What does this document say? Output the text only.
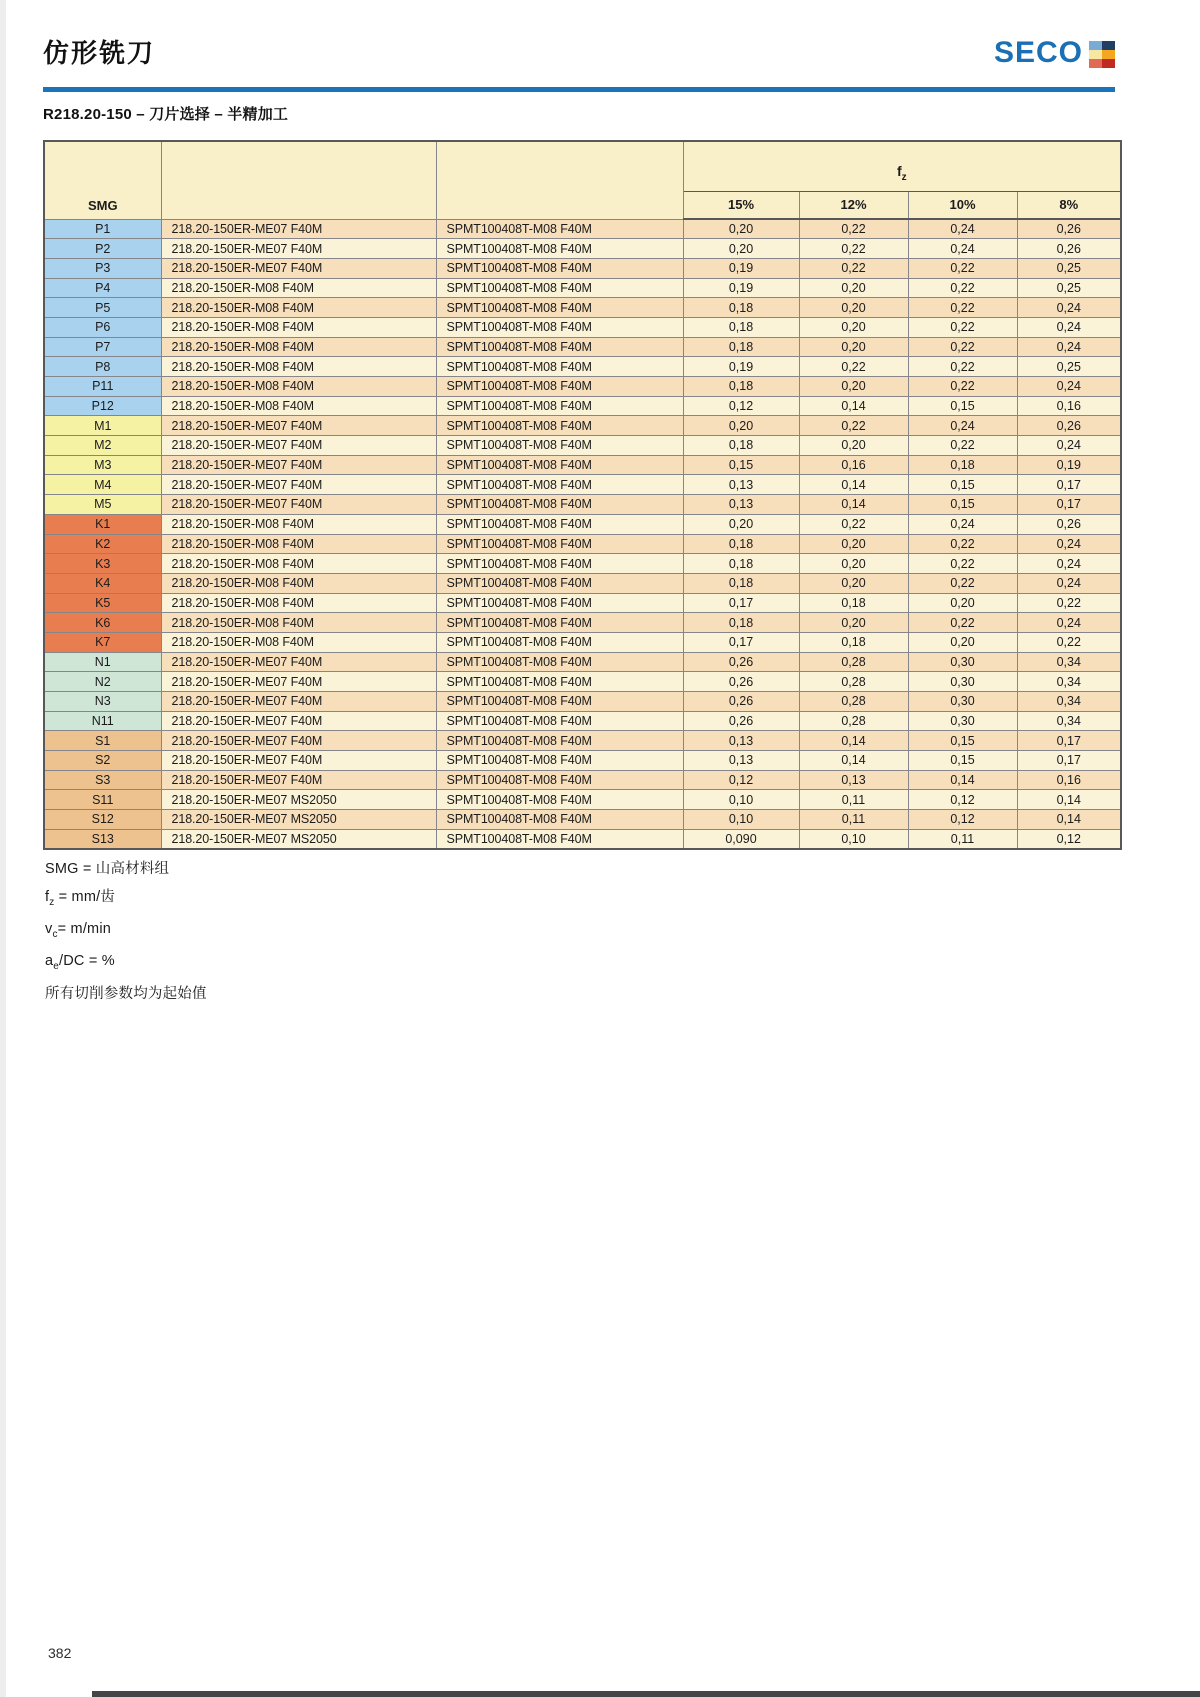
仿形铣刀	SECO
R218.20-150 – 刀片选择 – 半精加工
SMG			$f_z$
			15%	12%	10%	8%
P1	218.20-150ER-ME07 F40M	SPMT100408T-M08 F40M	0,20	0,22	0,24	0,26
P2	218.20-150ER-ME07 F40M	SPMT100408T-M08 F40M	0,20	0,22	0,24	0,26
P3	218.20-150ER-ME07 F40M	SPMT100408T-M08 F40M	0,19	0,22	0,22	0,25
P4	218.20-150ER-M08 F40M	SPMT100408T-M08 F40M	0,19	0,20	0,22	0,25
P5	218.20-150ER-M08 F40M	SPMT100408T-M08 F40M	0,18	0,20	0,22	0,24
P6	218.20-150ER-M08 F40M	SPMT100408T-M08 F40M	0,18	0,20	0,22	0,24
P7	218.20-150ER-M08 F40M	SPMT100408T-M08 F40M	0,18	0,20	0,22	0,24
P8	218.20-150ER-M08 F40M	SPMT100408T-M08 F40M	0,19	0,22	0,22	0,25
P11	218.20-150ER-M08 F40M	SPMT100408T-M08 F40M	0,18	0,20	0,22	0,24
P12	218.20-150ER-M08 F40M	SPMT100408T-M08 F40M	0,12	0,14	0,15	0,16
M1	218.20-150ER-ME07 F40M	SPMT100408T-M08 F40M	0,20	0,22	0,24	0,26
M2	218.20-150ER-ME07 F40M	SPMT100408T-M08 F40M	0,18	0,20	0,22	0,24
M3	218.20-150ER-ME07 F40M	SPMT100408T-M08 F40M	0,15	0,16	0,18	0,19
M4	218.20-150ER-ME07 F40M	SPMT100408T-M08 F40M	0,13	0,14	0,15	0,17
M5	218.20-150ER-ME07 F40M	SPMT100408T-M08 F40M	0,13	0,14	0,15	0,17
K1	218.20-150ER-M08 F40M	SPMT100408T-M08 F40M	0,20	0,22	0,24	0,26
K2	218.20-150ER-M08 F40M	SPMT100408T-M08 F40M	0,18	0,20	0,22	0,24
K3	218.20-150ER-M08 F40M	SPMT100408T-M08 F40M	0,18	0,20	0,22	0,24
K4	218.20-150ER-M08 F40M	SPMT100408T-M08 F40M	0,18	0,20	0,22	0,24
K5	218.20-150ER-M08 F40M	SPMT100408T-M08 F40M	0,17	0,18	0,20	0,22
K6	218.20-150ER-M08 F40M	SPMT100408T-M08 F40M	0,18	0,20	0,22	0,24
K7	218.20-150ER-M08 F40M	SPMT100408T-M08 F40M	0,17	0,18	0,20	0,22
N1	218.20-150ER-ME07 F40M	SPMT100408T-M08 F40M	0,26	0,28	0,30	0,34
N2	218.20-150ER-ME07 F40M	SPMT100408T-M08 F40M	0,26	0,28	0,30	0,34
N3	218.20-150ER-ME07 F40M	SPMT100408T-M08 F40M	0,26	0,28	0,30	0,34
N11	218.20-150ER-ME07 F40M	SPMT100408T-M08 F40M	0,26	0,28	0,30	0,34
S1	218.20-150ER-ME07 F40M	SPMT100408T-M08 F40M	0,13	0,14	0,15	0,17
S2	218.20-150ER-ME07 F40M	SPMT100408T-M08 F40M	0,13	0,14	0,15	0,17
S3	218.20-150ER-ME07 F40M	SPMT100408T-M08 F40M	0,12	0,13	0,14	0,16
S11	218.20-150ER-ME07 MS2050	SPMT100408T-M08 F40M	0,10	0,11	0,12	0,14
S12	218.20-150ER-ME07 MS2050	SPMT100408T-M08 F40M	0,10	0,11	0,12	0,14
S13	218.20-150ER-ME07 MS2050	SPMT100408T-M08 F40M	0,090	0,10	0,11	0,12
SMG = 山高材料组
$f_z = mm/$齿
$v_c= m/\min$
$a_e/DC$ = %
所有切削参数均为起始值
382
